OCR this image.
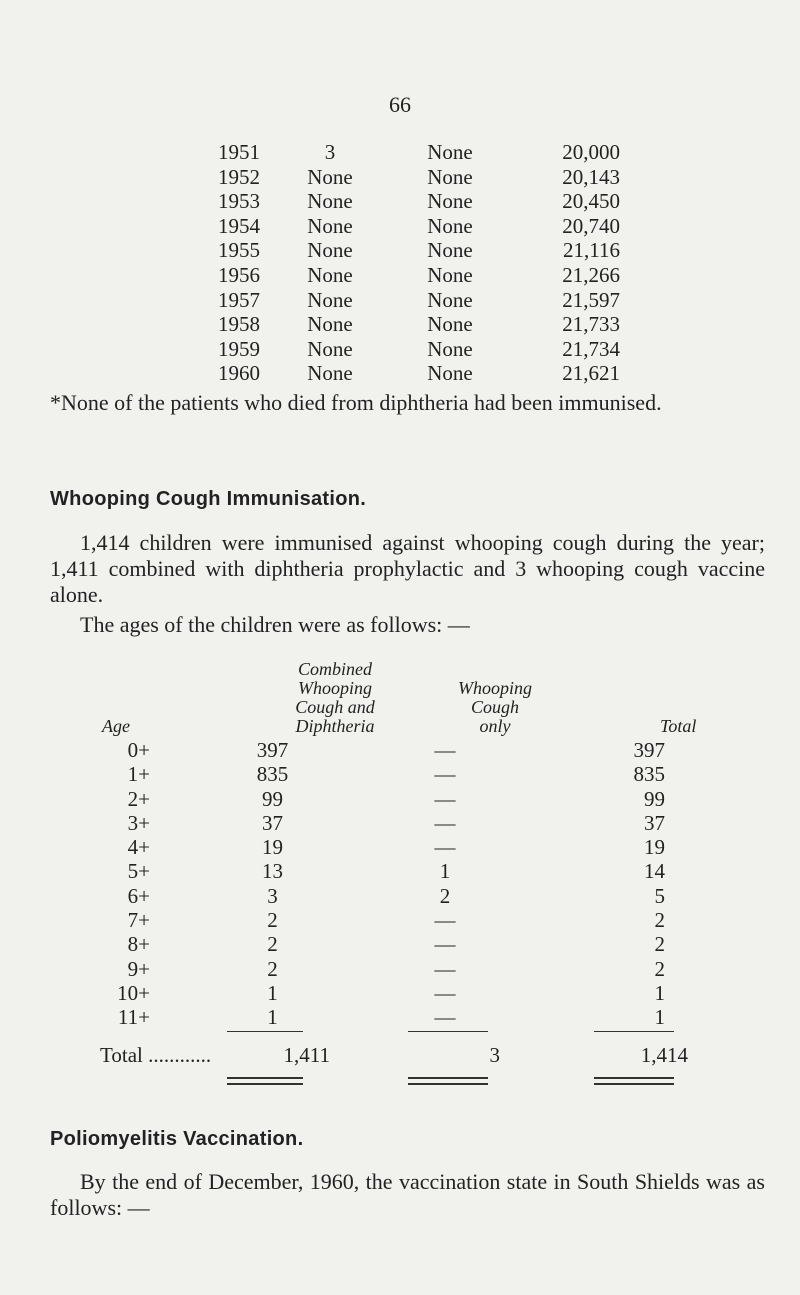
66
1951	3	None	20,000
1952	None	None	20,143
1953	None	None	20,450
1954	None	None	20,740
1955	None	None	21,116
1956	None	None	21,266
1957	None	None	21,597
1958	None	None	21,733
1959	None	None	21,734
1960	None	None	21,621
*None of the patients who died from diphtheria had been immunised.
Whooping Cough Immunisation.
1,414 children were immunised against whooping cough during the year; 1,411 combined with diphtheria prophylactic and 3 whooping cough vaccine alone.
The ages of the children were as follows: —
Age
Combined
Whooping
Cough and
Diphtheria
Whooping
Cough
only	Total
0+	397	—	397
1+	835	—	835
2+	99	—	99
3+	37	—	37
4+	19	—	19
5+	13	1	14
6+	3	2	5
7+	2	—	2
8+	2	—	2
9+	2	—	2
10+	1	—	1
11+	1	—	1
Total ............	1,411	3	1,414
Poliomyelitis Vaccination.
By the end of December, 1960, the vaccination state in South Shields was as follows: —
